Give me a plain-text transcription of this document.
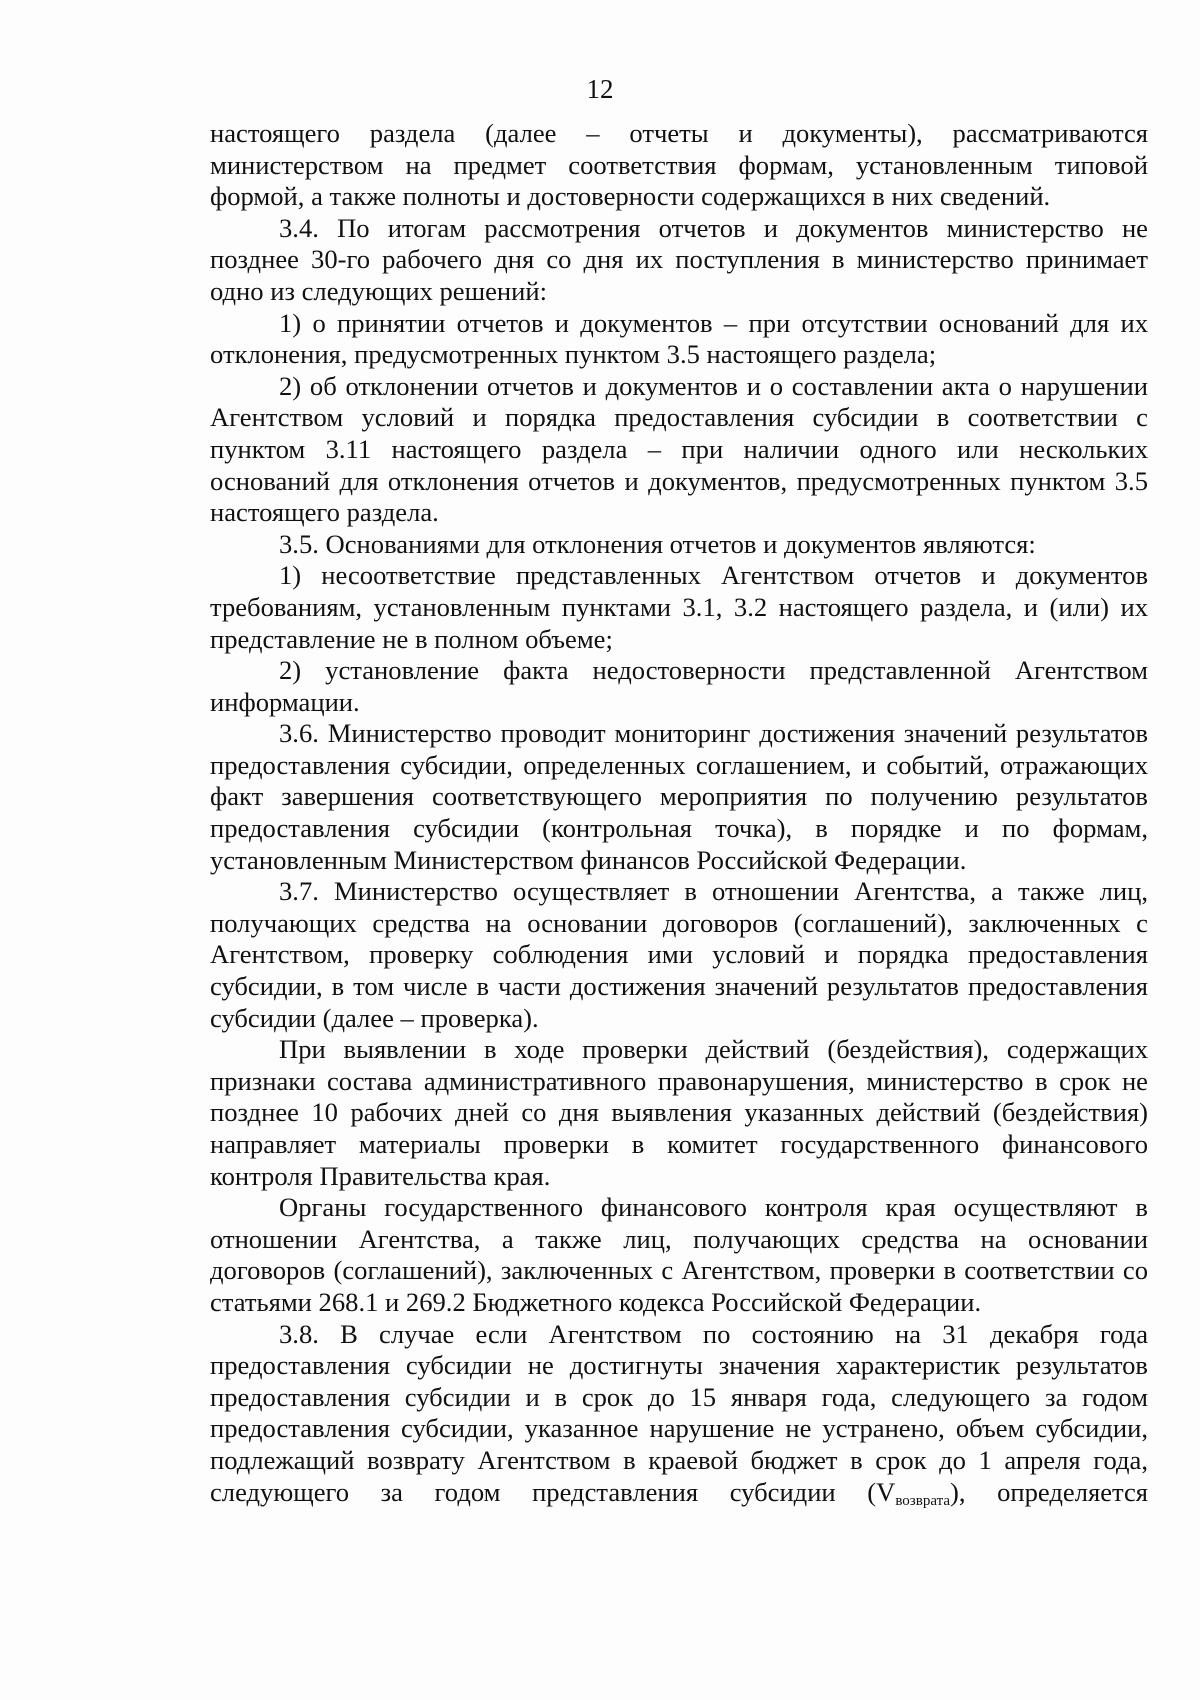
12

настоящего раздела (далее – отчеты и документы), рассматриваются министерством на предмет соответствия формам, установленным типовой формой, а также полноты и достоверности содержащихся в них сведений.

3.4. По итогам рассмотрения отчетов и документов министерство не позднее 30-го рабочего дня со дня их поступления в министерство принимает одно из следующих решений:

1) о принятии отчетов и документов – при отсутствии оснований для их отклонения, предусмотренных пунктом 3.5 настоящего раздела;

2) об отклонении отчетов и документов и о составлении акта о нарушении Агентством условий и порядка предоставления субсидии в соответствии с пунктом 3.11 настоящего раздела – при наличии одного или нескольких оснований для отклонения отчетов и документов, предусмотренных пунктом 3.5 настоящего раздела.

3.5. Основаниями для отклонения отчетов и документов являются:

1) несоответствие представленных Агентством отчетов и документов требованиям, установленным пунктами 3.1, 3.2 настоящего раздела, и (или) их представление не в полном объеме;

2) установление факта недостоверности представленной Агентством информации.

3.6. Министерство проводит мониторинг достижения значений результатов предоставления субсидии, определенных соглашением, и событий, отражающих факт завершения соответствующего мероприятия по получению результатов предоставления субсидии (контрольная точка), в порядке и по формам, установленным Министерством финансов Российской Федерации.

3.7. Министерство осуществляет в отношении Агентства, а также лиц, получающих средства на основании договоров (соглашений), заключенных с Агентством, проверку соблюдения ими условий и порядка предоставления субсидии, в том числе в части достижения значений результатов предоставления субсидии (далее – проверка).

При выявлении в ходе проверки действий (бездействия), содержащих признаки состава административного правонарушения, министерство в срок не позднее 10 рабочих дней со дня выявления указанных действий (бездействия) направляет материалы проверки в комитет государственного финансового контроля Правительства края.

Органы государственного финансового контроля края осуществляют в отношении Агентства, а также лиц, получающих средства на основании договоров (соглашений), заключенных с Агентством, проверки в соответствии со статьями 268.1 и 269.2 Бюджетного кодекса Российской Федерации.

3.8. В случае если Агентством по состоянию на 31 декабря года предоставления субсидии не достигнуты значения характеристик результатов предоставления субсидии и в срок до 15 января года, следующего за годом предоставления субсидии, указанное нарушение не устранено, объем субсидии, подлежащий возврату Агентством в краевой бюджет в срок до 1 апреля года, следующего за годом представления субсидии $(V_{возврата})$, определяется
